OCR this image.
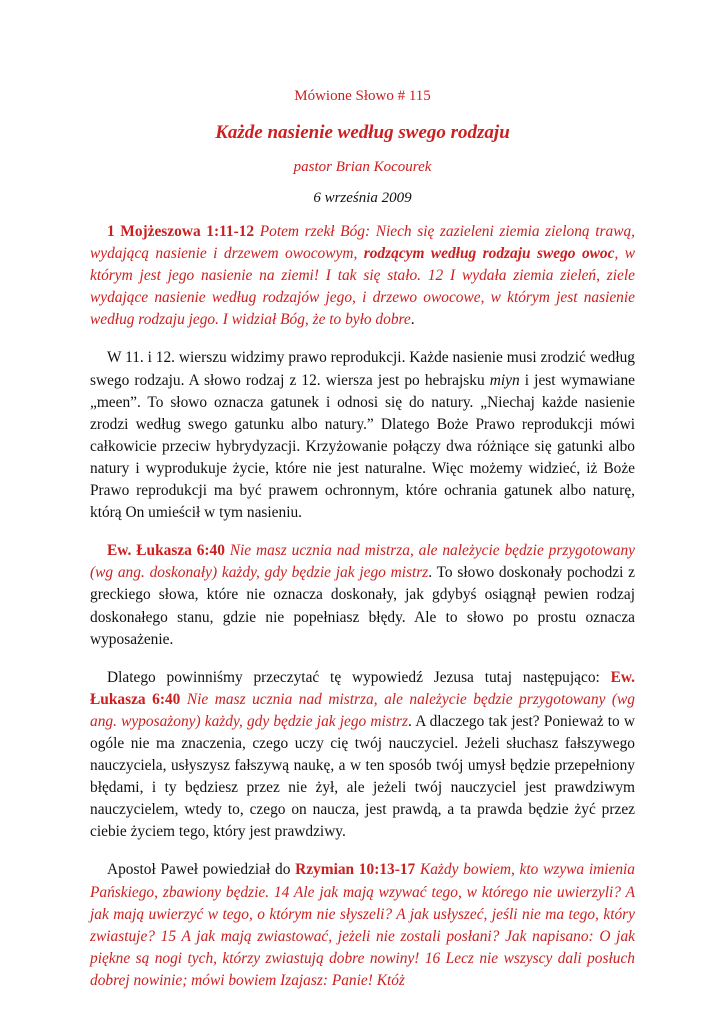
Mówione Słowo # 115
Każde nasienie według swego rodzaju
pastor Brian Kocourek
6 września 2009

1 Mojżeszowa 1:11-12 Potem rzekł Bóg: Niech się zazieleni ziemia zieloną trawą, wydającą nasienie i drzewem owocowym, rodzącym według rodzaju swego owoc, w którym jest jego nasienie na ziemi! I tak się stało. 12 I wydała ziemia zieleń, ziele wydające nasienie według rodzajów jego, i drzewo owocowe, w którym jest nasienie według rodzaju jego. I widział Bóg, że to było dobre.

W 11. i 12. wierszu widzimy prawo reprodukcji. Każde nasienie musi zrodzić według swego rodzaju. A słowo rodzaj z 12. wiersza jest po hebrajsku miyn i jest wymawiane „meen”. To słowo oznacza gatunek i odnosi się do natury. „Niechaj każde nasienie zrodzi według swego gatunku albo natury.” Dlatego Boże Prawo reprodukcji mówi całkowicie przeciw hybrydyzacji. Krzyżowanie połączy dwa różniące się gatunki albo natury i wyprodukuje życie, które nie jest naturalne. Więc możemy widzieć, iż Boże Prawo reprodukcji ma być prawem ochronnym, które ochrania gatunek albo naturę, którą On umieścił w tym nasieniu.

Ew. Łukasza 6:40 Nie masz ucznia nad mistrza, ale należycie będzie przygotowany (wg ang. doskonały) każdy, gdy będzie jak jego mistrz. To słowo doskonały pochodzi z greckiego słowa, które nie oznacza doskonały, jak gdybyś osiągnął pewien rodzaj doskonałego stanu, gdzie nie popełniasz błędy. Ale to słowo po prostu oznacza wyposażenie.

Dlatego powinniśmy przeczytać tę wypowiedź Jezusa tutaj następująco: Ew. Łukasza 6:40 Nie masz ucznia nad mistrza, ale należycie będzie przygotowany (wg ang. wyposażony) każdy, gdy będzie jak jego mistrz. A dlaczego tak jest? Ponieważ to w ogóle nie ma znaczenia, czego uczy cię twój nauczyciel. Jeżeli słuchasz fałszywego nauczyciela, usłyszysz fałszywą naukę, a w ten sposób twój umysł będzie przepełniony błędami, i ty będziesz przez nie żył, ale jeżeli twój nauczyciel jest prawdziwym nauczycielem, wtedy to, czego on naucza, jest prawdą, a ta prawda będzie żyć przez ciebie życiem tego, który jest prawdziwy.

Apostoł Paweł powiedział do Rzymian 10:13-17 Każdy bowiem, kto wzywa imienia Pańskiego, zbawiony będzie. 14 Ale jak mają wzywać tego, w którego nie uwierzyli? A jak mają uwierzyć w tego, o którym nie słyszeli? A jak usłyszeć, jeśli nie ma tego, który zwiastuje? 15 A jak mają zwiastować, jeżeli nie zostali posłani? Jak napisano: O jak piękne są nogi tych, którzy zwiastują dobre nowiny! 16 Lecz nie wszyscy dali posłuch dobrej nowinie; mówi bowiem Izajasz: Panie! Któż
